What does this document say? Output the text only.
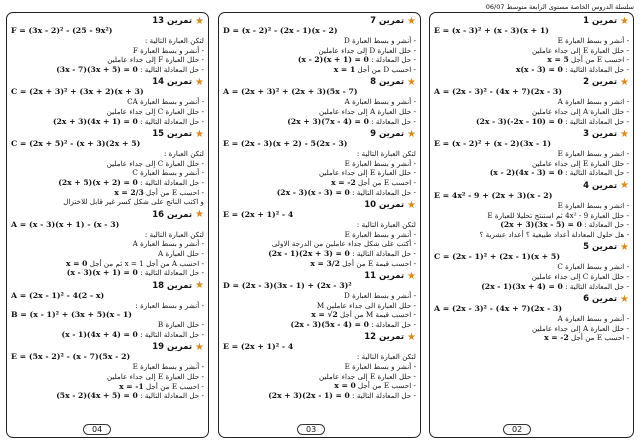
سلسلة الدروس الخاصة مستوى الرابعة متوسط 06/07
★
تمرين 1
E = (x - 3)² + (x - 3)(x + 1)
- أنشر و بسط العبارة E
- حلل العبارة E إلى جداء عاملين
- احسب E من أجل x = 5
- حل المعادلة التالية : x(x - 3) = 0
★
تمرين 2
A = (2x - 3)² - (4x + 7)(2x - 3)
- انشر و بسط العبارة A
- حلل العبارة A إلى جداء عاملين
- حل المعادلة التالية : (2x - 3)(-2x - 10) = 0
★
تمرين 3
E = (x - 2)² + (x - 2)(3x - 1)
- انشر و بسط العبارة E
- حلل العبارة E إلى جداء عاملين
- حل المعادلة التالية : (x - 2)(4x - 3) = 0
★
تمرين 4
E = 4x² - 9 + (2x + 3)(x - 2)
- انشر و بسط العبارة E
- حلل العبارة 4x² - 9 ثم استنتج تحليلا للعبارة E
- حل المعادلة : (2x + 3)(3x - 5) = 0
- هل حلول المعادلة أعداد طبيعية ؟ أعداد عشرية ؟
★
تمرين 5
C = (2x - 1)² + (2x - 1)(x + 5)
- انشر و بسط العبارة C
- حلل العبارة C إلى جداء عاملين
- حل المعادلة التالية : (2x - 1)(3x + 4) = 0
★
تمرين 6
A = (2x - 3)² - (4x + 7)(2x - 3)
- أنشر و بسط العبارة A
- حلل العبارة A إلى جداء عاملين
- احسب E من أجل x = -2
★
تمرين 7
D = (x - 2)² - (2x - 1)(x - 2)
- أنشر و بسط العبارة D
- حلل العبارة D إلى جداء عاملين
- حل المعادلة : (x - 2)(x + 1) = 0
- احسب D من أجل x = 1
★
تمرين 8
A = (2x + 3)² + (2x + 3)(5x - 7)
- أنشر و بسط العبارة A
- حلل العبارة A إلى جداء عاملين
- حل المعادلة : (2x + 3)(7x - 4) = 0
★
تمرين 9
E = (2x - 3)(x + 2) - 5(2x - 3)
لتكن العبارة التالية :
- أنشر و بسط العبارة E
- حلل العبارة E إلى جداء عاملين
- احسب E من أجل x = -2
- حل المعادلة التالية : (2x - 3)(x - 3) = 0
★
تمرين 10
E = (2x + 1)² - 4
لتكن العبارة التالية :
- أنشر و بسط العبارة E
- أكتب على شكل جداء عاملين من الدرجة الاولى
- حل المعادلة التالية : (2x - 1)(2x + 3) = 0
- احسب قيمة E من أجل x = 3/2
★
تمرين 11
D = (2x - 3)(3x - 1) + (2x - 3)²
- أنشر و بسط العبارة D
- حلل العبارة الى جداء عاملين M
- احسب قيمة M من أجل x = √2
- حل المعادلة : (2x - 3)(5x - 4) = 0
★
تمرين 12
E = (2x + 1)² - 4
لتكن العبارة التالية :
- أنشر و بسط العبارة E
- حلل العبارة E إلى جداء عاملين
- احسب E من أجل x = 0
- حل المعادلة التالية : (2x + 3)(2x - 1) = 0
★
تمرين 13
F = (3x - 2)² - (25 - 9x²)
لتكن العبارة التالية :
- أنشر و بسط العبارة F
- حلل العبارة F إلى جداء عاملين
- حل المعادلة التالية : (3x - 7)(3x + 5) = 0
★
تمرين 14
C = (2x + 3)² + (3x + 2)(x + 3)
- أنشر و بسط العبارة CA
- حلل العبارة C إلى جداء عاملين
- حل المعادلة التالية : (2x + 3)(4x + 1) = 0
★
تمرين 15
C = (2x + 5)² - (x + 3)(2x + 5)
لتكن العبارة :
- حلل العبارة C إلى جداء عاملين
- أنشر و بسط العبارة C
- حل المعادلة التالية : (2x + 5)(x + 2) = 0
- احسب E من أجل x = 2/3
و اكتب الناتج على شكل كسر غير قابل للاختزال
★
تمرين 16
A = (x - 3)(x + 1) - (x - 3)
لتكن العبارة التالية :
- أنشر و بسط العبارة A
- حلل العبارة A
- احسب A من أجل x = 1 ثم من أجل x = 0
- حل المعادلة التالية : (x - 3)(x + 1) = 0
★
تمرين 18
A = (2x - 1)² - 4(2 - x)
- أنشر و بسط العبارة :
B = (x - 1)² + (3x + 5)(x - 1)
- حلل العبارة B
- حل المعادلة التالية : (x - 1)(4x + 4) = 0
★
تمرين 19
E = (5x - 2)² - (x - 7)(5x - 2)
- أنشر و بسط العبارة E
- حلل العبارة E إلى جداء عاملين
- احسب E من أجل x = -1
- حل المعادلة التالية : (5x - 2)(4x + 5) = 0
02
03
04
